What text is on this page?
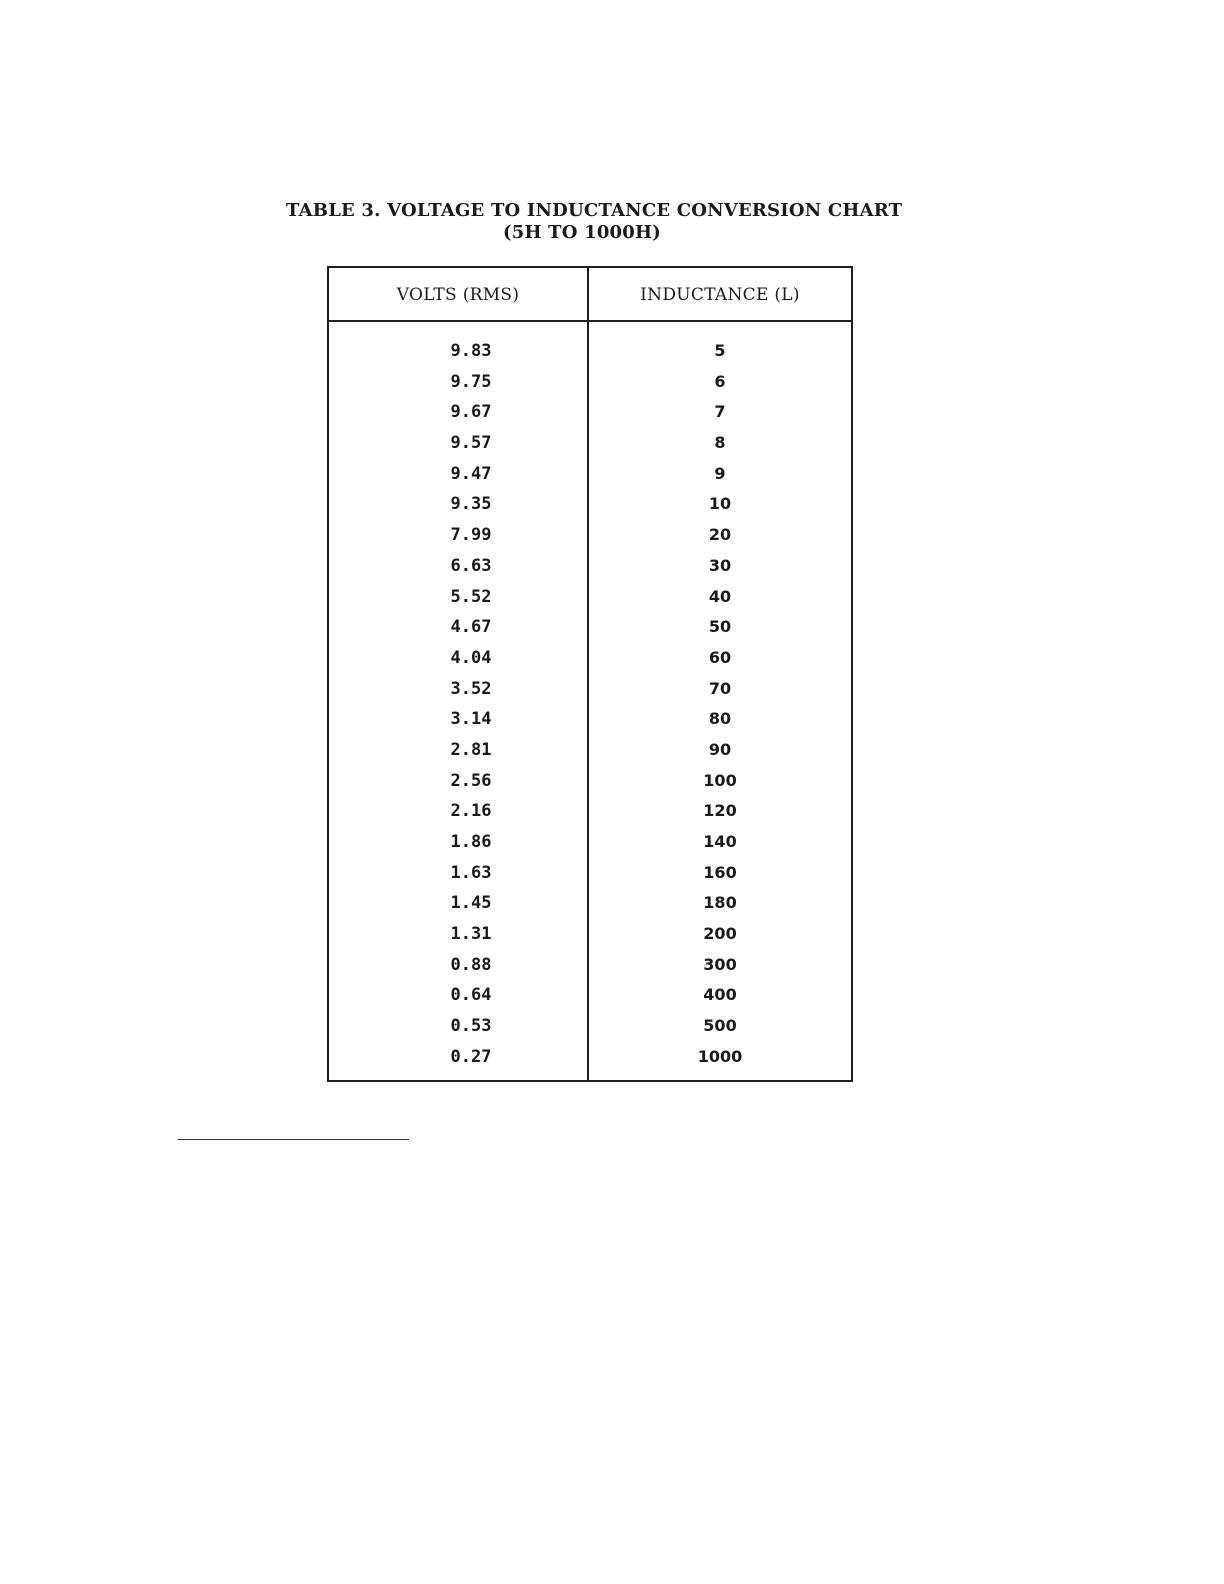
TABLE 3. VOLTAGE TO INDUCTANCE CONVERSION CHART
(5H TO 1000H)
VOLTS (RMS)	INDUCTANCE (L)
9.83	5
9.75	6
9.67	7
9.57	8
9.47	9
9.35	10
7.99	20
6.63	30
5.52	40
4.67	50
4.04	60
3.52	70
3.14	80
2.81	90
2.56	100
2.16	120
1.86	140
1.63	160
1.45	180
1.31	200
0.88	300
0.64	400
0.53	500
0.27	1000
